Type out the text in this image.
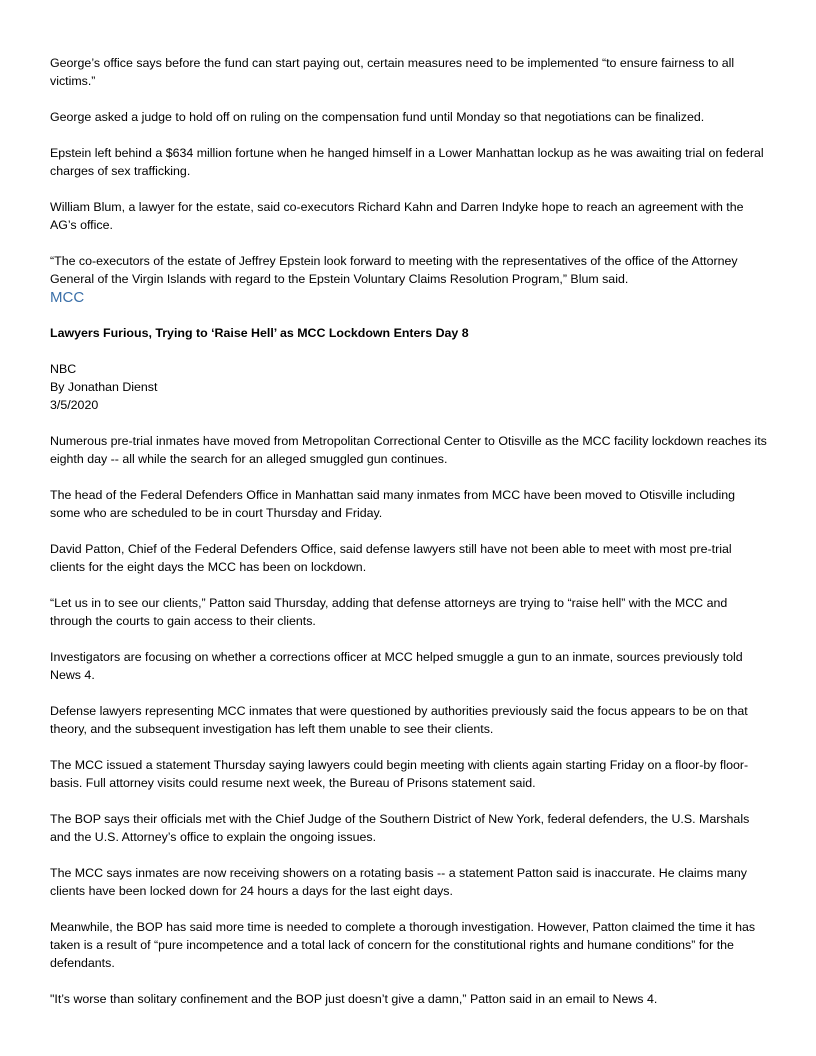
George’s office says before the fund can start paying out, certain measures need to be implemented “to ensure fairness to all victims.”

George asked a judge to hold off on ruling on the compensation fund until Monday so that negotiations can be finalized.

Epstein left behind a $634 million fortune when he hanged himself in a Lower Manhattan lockup as he was awaiting trial on federal charges of sex trafficking.

William Blum, a lawyer for the estate, said co-executors Richard Kahn and Darren Indyke hope to reach an agreement with the AG’s office.

“The co-executors of the estate of Jeffrey Epstein look forward to meeting with the representatives of the office of the Attorney General of the Virgin Islands with regard to the Epstein Voluntary Claims Resolution Program,” Blum said.

MCC

Lawyers Furious, Trying to ‘Raise Hell’ as MCC Lockdown Enters Day 8

NBC

By Jonathan Dienst

3/5/2020

Numerous pre-trial inmates have moved from Metropolitan Correctional Center to Otisville as the MCC facility lockdown reaches its eighth day -- all while the search for an alleged smuggled gun continues.

The head of the Federal Defenders Office in Manhattan said many inmates from MCC have been moved to Otisville including some who are scheduled to be in court Thursday and Friday.

David Patton, Chief of the Federal Defenders Office, said defense lawyers still have not been able to meet with most pre-trial clients for the eight days the MCC has been on lockdown.

“Let us in to see our clients,” Patton said Thursday, adding that defense attorneys are trying to “raise hell” with the MCC and through the courts to gain access to their clients.

Investigators are focusing on whether a corrections officer at MCC helped smuggle a gun to an inmate, sources previously told News 4.

Defense lawyers representing MCC inmates that were questioned by authorities previously said the focus appears to be on that theory, and the subsequent investigation has left them unable to see their clients.

The MCC issued a statement Thursday saying lawyers could begin meeting with clients again starting Friday on a floor-by floor-basis. Full attorney visits could resume next week, the Bureau of Prisons statement said.

The BOP says their officials met with the Chief Judge of the Southern District of New York, federal defenders, the U.S. Marshals and the U.S. Attorney’s office to explain the ongoing issues.

The MCC says inmates are now receiving showers on a rotating basis -- a statement Patton said is inaccurate. He claims many clients have been locked down for 24 hours a days for the last eight days.

Meanwhile, the BOP has said more time is needed to complete a thorough investigation. However, Patton claimed the time it has taken is a result of “pure incompetence and a total lack of concern for the constitutional rights and humane conditions” for the defendants.

"It’s worse than solitary confinement and the BOP just doesn’t give a damn,” Patton said in an email to News 4.
